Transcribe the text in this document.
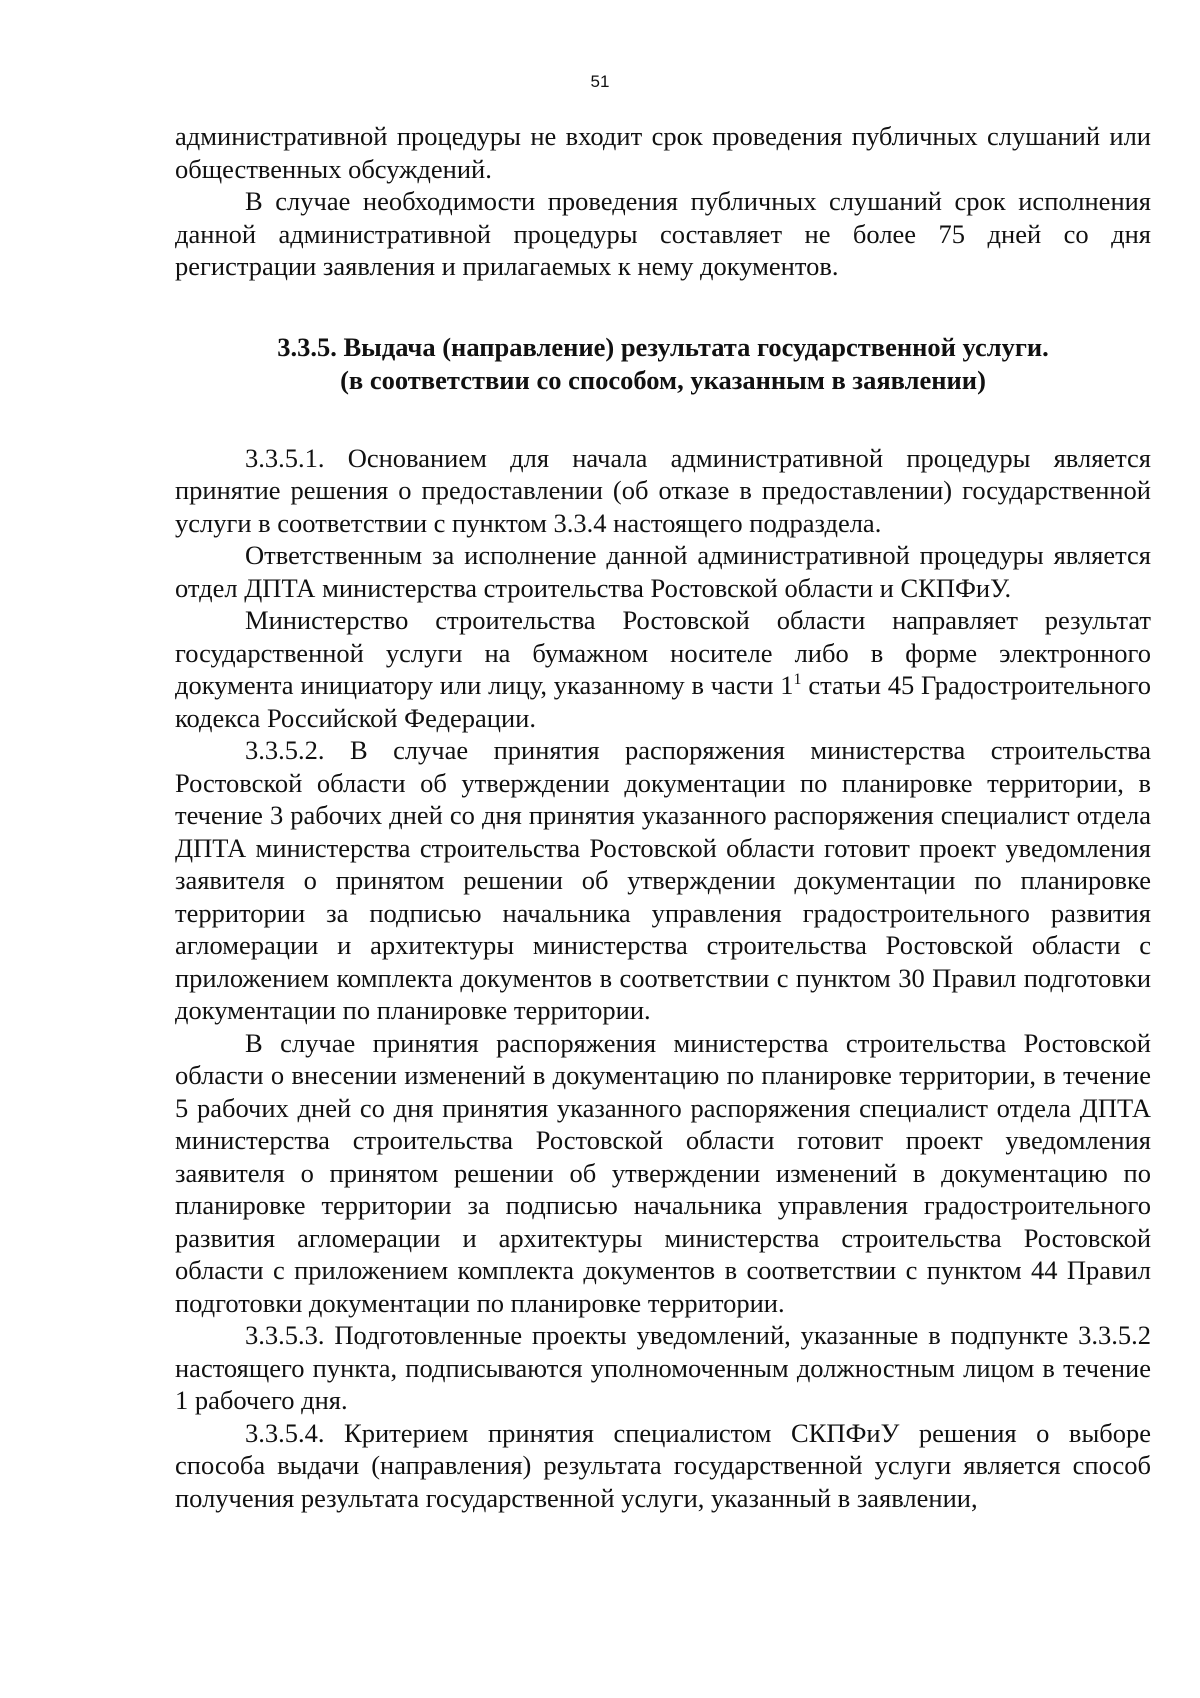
51

административной процедуры не входит срок проведения публичных слушаний или общественных обсуждений.

В случае необходимости проведения публичных слушаний срок исполнения данной административной процедуры составляет не более 75 дней со дня регистрации заявления и прилагаемых к нему документов.

3.3.5. Выдача (направление) результата государственной услуги.
(в соответствии со способом, указанным в заявлении)

3.3.5.1. Основанием для начала административной процедуры является принятие решения о предоставлении (об отказе в предоставлении) государственной услуги в соответствии с пунктом 3.3.4 настоящего подраздела.

Ответственным за исполнение данной административной процедуры является отдел ДПТА министерства строительства Ростовской области и СКПФиУ.

Министерство строительства Ростовской области направляет результат государственной услуги на бумажном носителе либо в форме электронного документа инициатору или лицу, указанному в части $1^1$ статьи 45 Градостроительного кодекса Российской Федерации.

3.3.5.2. В случае принятия распоряжения министерства строительства Ростовской области об утверждении документации по планировке территории, в течение 3 рабочих дней со дня принятия указанного распоряжения специалист отдела ДПТА министерства строительства Ростовской области готовит проект уведомления заявителя о принятом решении об утверждении документации по планировке территории за подписью начальника управления градостроительного развития агломерации и архитектуры министерства строительства Ростовской области с приложением комплекта документов в соответствии с пунктом 30 Правил подготовки документации по планировке территории.

В случае принятия распоряжения министерства строительства Ростовской области о внесении изменений в документацию по планировке территории, в течение 5 рабочих дней со дня принятия указанного распоряжения специалист отдела ДПТА министерства строительства Ростовской области готовит проект уведомления заявителя о принятом решении об утверждении изменений в документацию по планировке территории за подписью начальника управления градостроительного развития агломерации и архитектуры министерства строительства Ростовской области с приложением комплекта документов в соответствии с пунктом 44 Правил подготовки документации по планировке территории.

3.3.5.3. Подготовленные проекты уведомлений, указанные в подпункте 3.3.5.2 настоящего пункта, подписываются уполномоченным должностным лицом в течение 1 рабочего дня.

3.3.5.4. Критерием принятия специалистом СКПФиУ решения о выборе способа выдачи (направления) результата государственной услуги является способ получения результата государственной услуги, указанный в заявлении,
